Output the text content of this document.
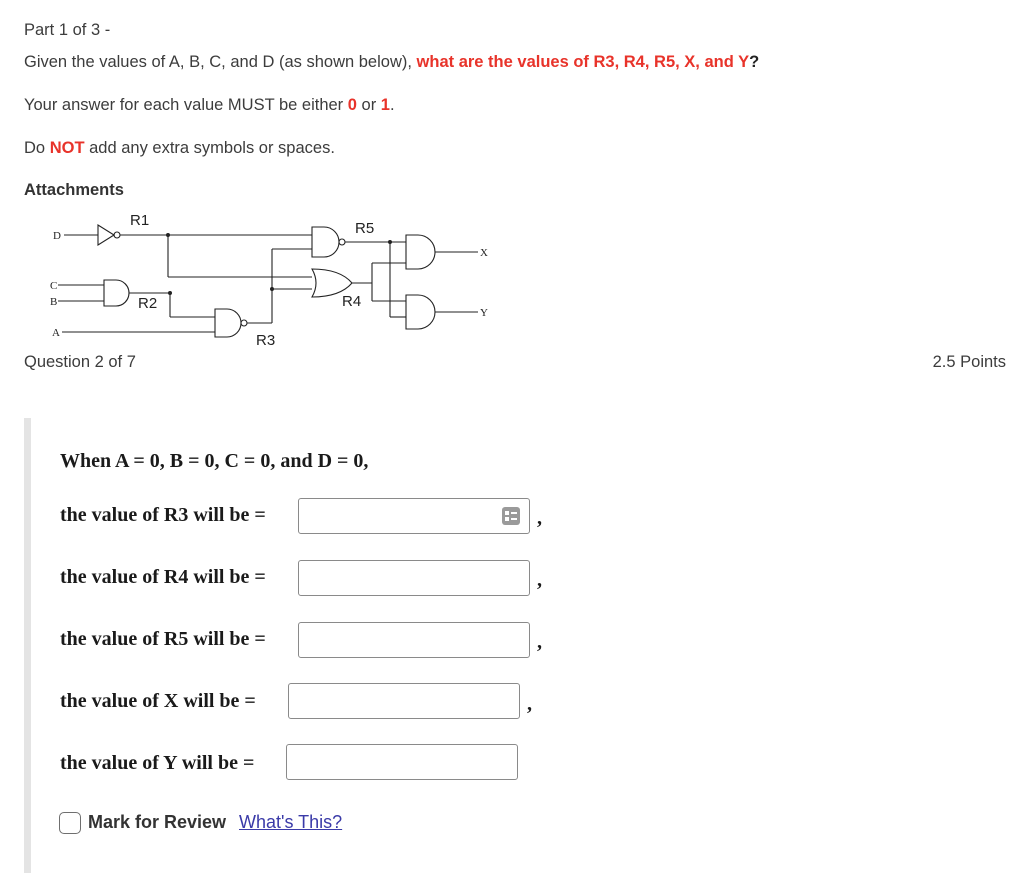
Part 1 of 3 -
Given the values of A, B, C, and D (as shown below), what are the values of R3, R4, R5, X, and Y?
Your answer for each value MUST be either 0 or 1.
Do NOT add any extra symbols or spaces.
Attachments
D
C
B
A
X
Y
R1
R2
R3
R4
R5
Question 2 of 7	2.5 Points
When A = 0, B = 0, C = 0, and D = 0,
the value of R3 will be =	,
the value of R4 will be =	,
the value of R5 will be =	,
the value of X will be =	,
the value of Y will be =
Mark for Review What's This?
